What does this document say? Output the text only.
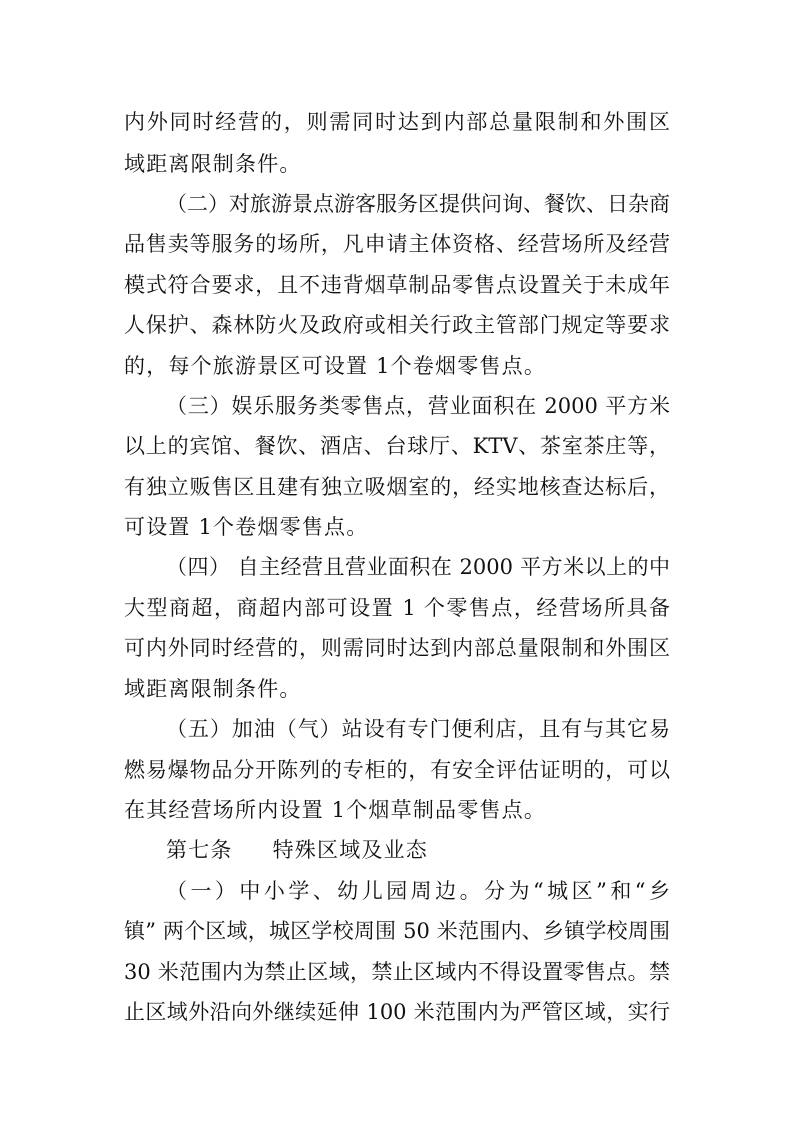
内外同时经营的，则需同时达到内部总量限制和外围区
域距离限制条件。
（二）对旅游景点游客服务区提供问询、餐饮、日杂商
品售卖等服务的场所，凡申请主体资格、经营场所及经营
模式符合要求，且不违背烟草制品零售点设置关于未成年
人保护、森林防火及政府或相关行政主管部门规定等要求
的，每个旅游景区可设置 1个卷烟零售点。
（三）娱乐服务类零售点，营业面积在 2000 平方米
以上的宾馆、餐饮、酒店、台球厅、KTV、茶室茶庄等，
有独立贩售区且建有独立吸烟室的，经实地核查达标后，
可设置 1个卷烟零售点。
（四） 自主经营且营业面积在 2000 平方米以上的中
大型商超，商超内部可设置 1 个零售点，经营场所具备
可内外同时经营的，则需同时达到内部总量限制和外围区
域距离限制条件。
（五）加油（气）站设有专门便利店，且有与其它易
燃易爆物品分开陈列的专柜的，有安全评估证明的，可以
在其经营场所内设置 1个烟草制品零售点。
第七条 特殊区域及业态
（一）中小学、幼儿园周边。分为“城区”和“乡
镇” 两个区域，城区学校周围 50 米范围内、乡镇学校周围
30 米范围内为禁止区域，禁止区域内不得设置零售点。禁
止区域外沿向外继续延伸 100 米范围内为严管区域，实行
